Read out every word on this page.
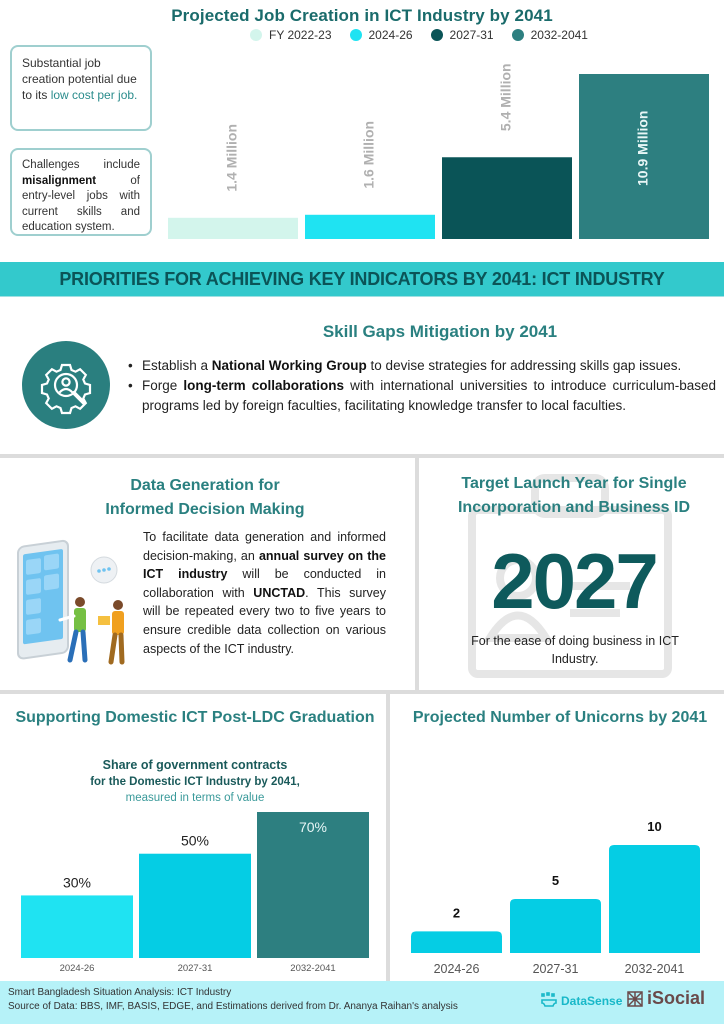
Projected Job Creation in ICT Industry by 2041
FY 2022-23	2024-26	2027-31	2032-2041
Substantial job creation potential due to its low cost per job.
Challenges include misalignment of entry-level jobs with current skills and education system.
1.4 Million	1.6 Million
5.4 Million
10.9 Million
PRIORITIES FOR ACHIEVING KEY INDICATORS BY 2041: ICT INDUSTRY
Skill Gaps Mitigation by 2041
• Establish a National Working Group to devise strategies for addressing skills gap issues.
• Forge long-term collaborations with international universities to introduce curriculum-based programs led by foreign faculties, facilitating knowledge transfer to local faculties.
Data Generation for
Informed Decision Making
To facilitate data generation and informed decision-making, an annual survey on the ICT industry will be conducted in collaboration with UNCTAD. This survey will be repeated every two to five years to ensure credible data collection on various aspects of the ICT industry.
Target Launch Year for Single Incorporation and Business ID
2027
For the ease of doing business in ICT Industry.
Supporting Domestic ICT Post-LDC Graduation
Share of government contracts
for the Domestic ICT Industry by 2041,
measured in terms of value
30%
2024-26
50%
2027-31
70%
2032-2041
Projected Number of Unicorns by 2041
2
2024-26
5
2027-31
10
2032-2041
Smart Bangladesh Situation Analysis: ICT Industry
Source of Data: BBS, IMF, BASIS, EDGE, and Estimations derived from Dr. Ananya Raihan's analysis	DataSense iSocial
